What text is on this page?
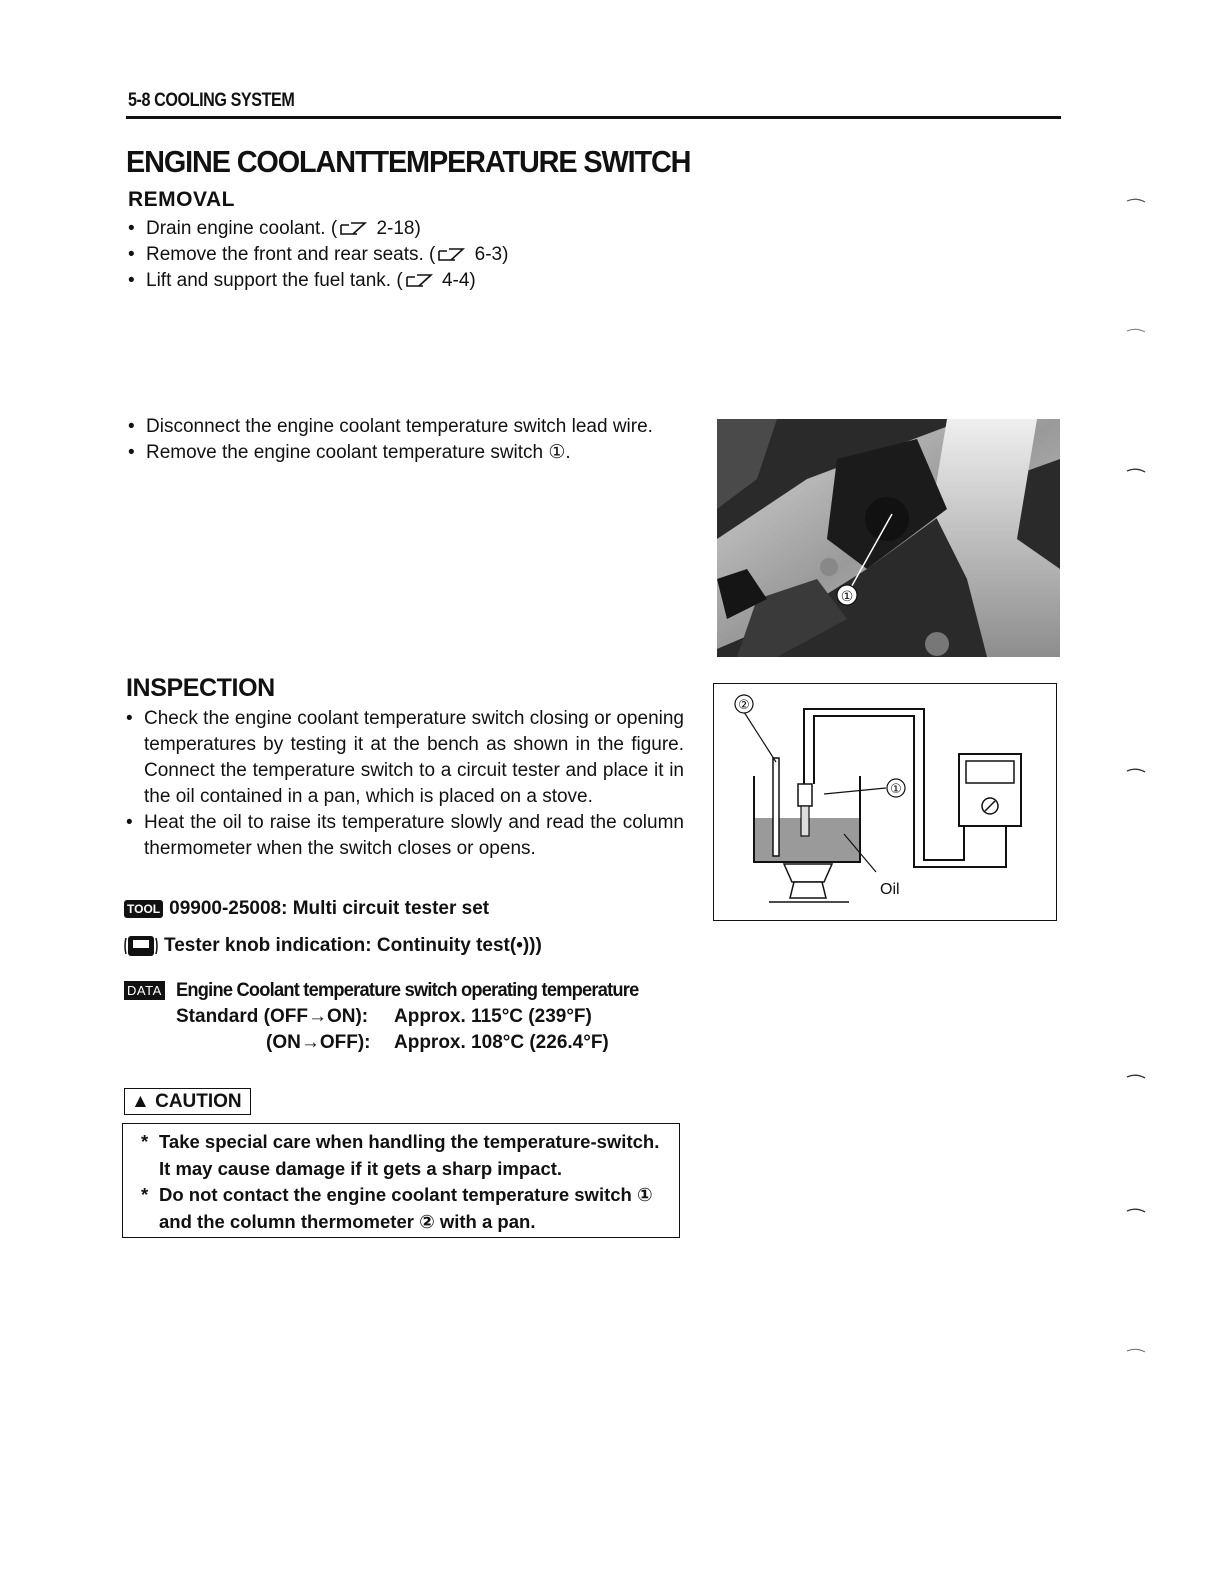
5-8 COOLING SYSTEM
ENGINE COOLANTTEMPERATURE SWITCH
REMOVAL
• Drain engine coolant. ( 2-18)
• Remove the front and rear seats. ( 6-3)
• Lift and support the fuel tank. ( 4-4)
• Disconnect the engine coolant temperature switch lead wire.
• Remove the engine coolant temperature switch ①.
①
INSPECTION
• Check the engine coolant temperature switch closing or opening temperatures by testing it at the bench as shown in the figure. Connect the temperature switch to a circuit tester and place it in the oil contained in a pan, which is placed on a stove.
• Heat the oil to raise its temperature slowly and read the column thermometer when the switch closes or opens.
②
①
Oil
TOOL 09900-25008: Multi circuit tester set
Tester knob indication: Continuity test(•)))
DATA Engine Coolant temperature switch operating temperature
Standard (OFF→ON): Approx. 115°C (239°F)
(ON→OFF): Approx. 108°C (226.4°F)
▲ CAUTION
* Take special care when handling the temperature-switch. It may cause damage if it gets a sharp impact.
* Do not contact the engine coolant temperature switch ① and the column thermometer ② with a pan.
